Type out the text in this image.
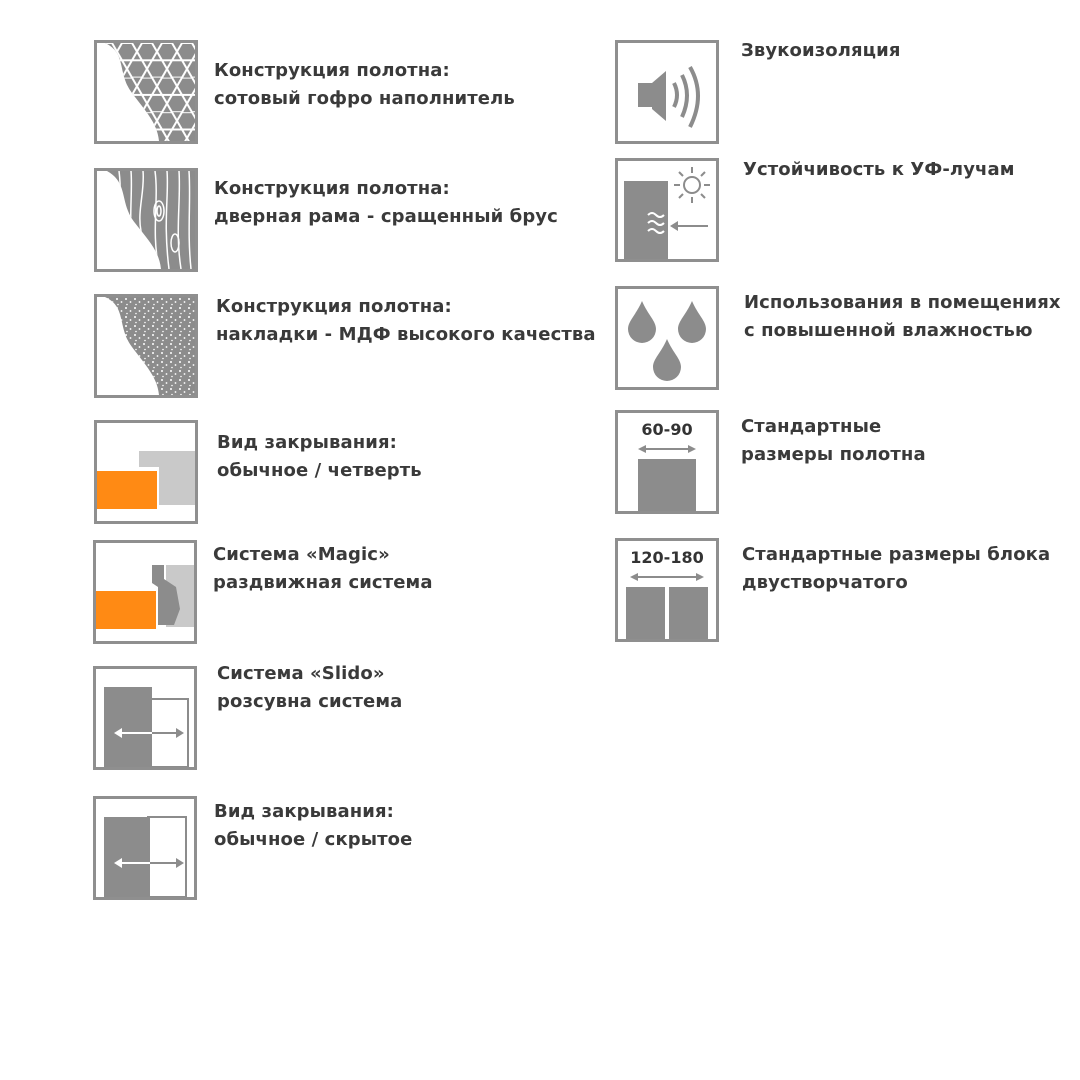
Конструкция полотна:
сотовый гофро наполнитель
Конструкция полотна:
дверная рама - сращенный брус
Конструкция полотна:
накладки - МДФ высокого качества
Вид закрывания:
обычное / четверть
Система «Magic»
раздвижная система
Система «Slido»
розсувна система
Вид закрывания:
обычное / скрытое
Звукоизоляция
Устойчивость к УФ-лучам
Использования в помещениях
с повышенной влажностью
60-90	Стандартные
размеры полотна
120-180 Стандартные размеры блока
двустворчатого
